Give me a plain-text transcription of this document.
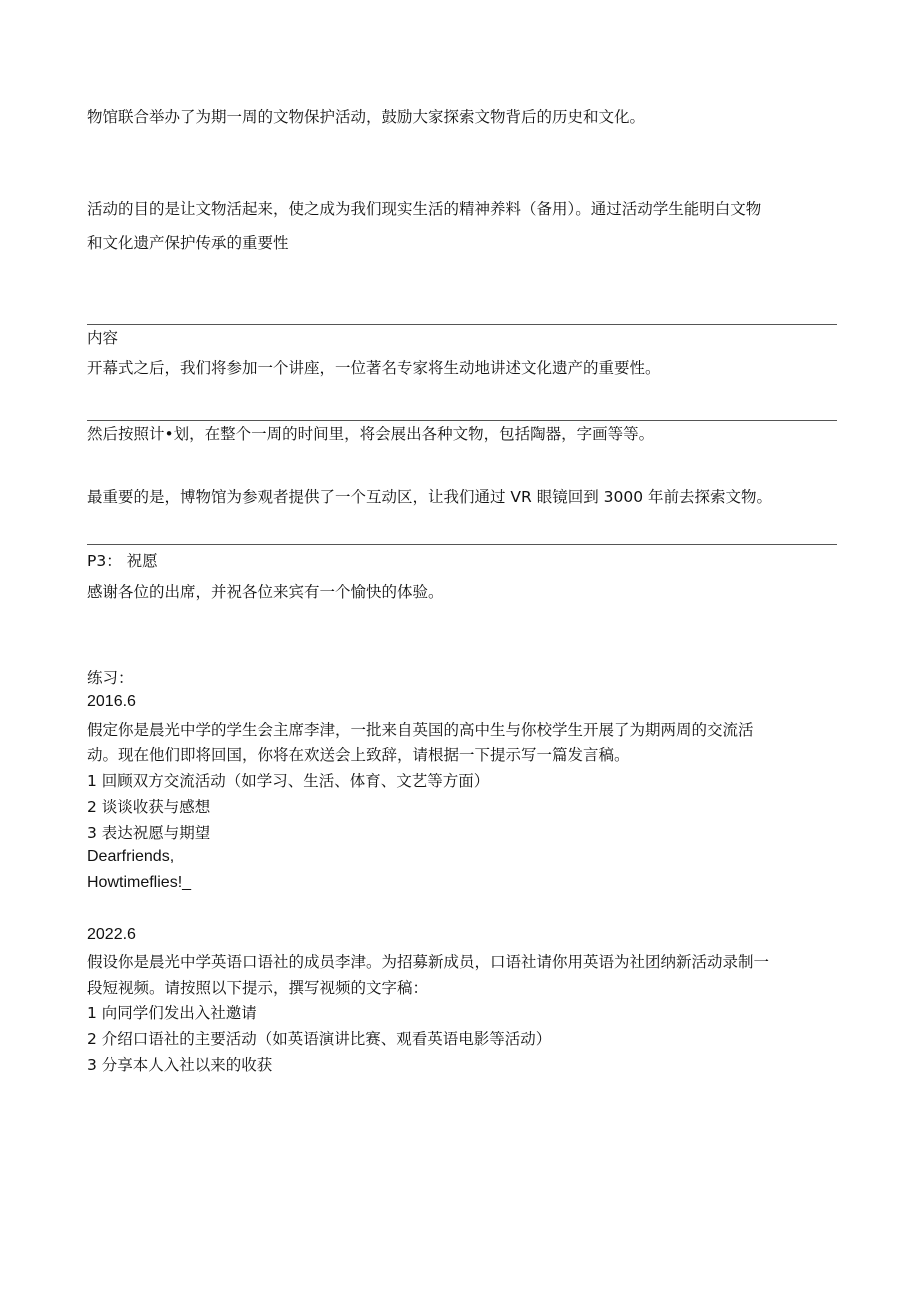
物馆联合举办了为期一周的文物保护活动，鼓励大家探索文物背后的历史和文化。
活动的目的是让文物活起来，使之成为我们现实生活的精神养料（备用）。通过活动学生能明白文物
和文化遗产保护传承的重要性
内容
开幕式之后，我们将参加一个讲座，一位著名专家将生动地讲述文化遗产的重要性。
然后按照计•划，在整个一周的时间里，将会展出各种文物，包括陶器，字画等等。
最重要的是，博物馆为参观者提供了一个互动区，让我们通过 VR 眼镜回到 3000 年前去探索文物。
P3： 祝愿
感谢各位的出席，并祝各位来宾有一个愉快的体验。
练习：
2016.6
假定你是晨光中学的学生会主席李津，一批来自英国的高中生与你校学生开展了为期两周的交流活
动。现在他们即将回国，你将在欢送会上致辞，请根据一下提示写一篇发言稿。
1 回顾双方交流活动（如学习、生活、体育、文艺等方面）
2 谈谈收获与感想
3 表达祝愿与期望
Dearfriends,
Howtimeflies!_
2022.6
假设你是晨光中学英语口语社的成员李津。为招募新成员，口语社请你用英语为社团纳新活动录制一
段短视频。请按照以下提示，撰写视频的文字稿：
1 向同学们发出入社邀请
2 介绍口语社的主要活动（如英语演讲比赛、观看英语电影等活动）
3 分享本人入社以来的收获
